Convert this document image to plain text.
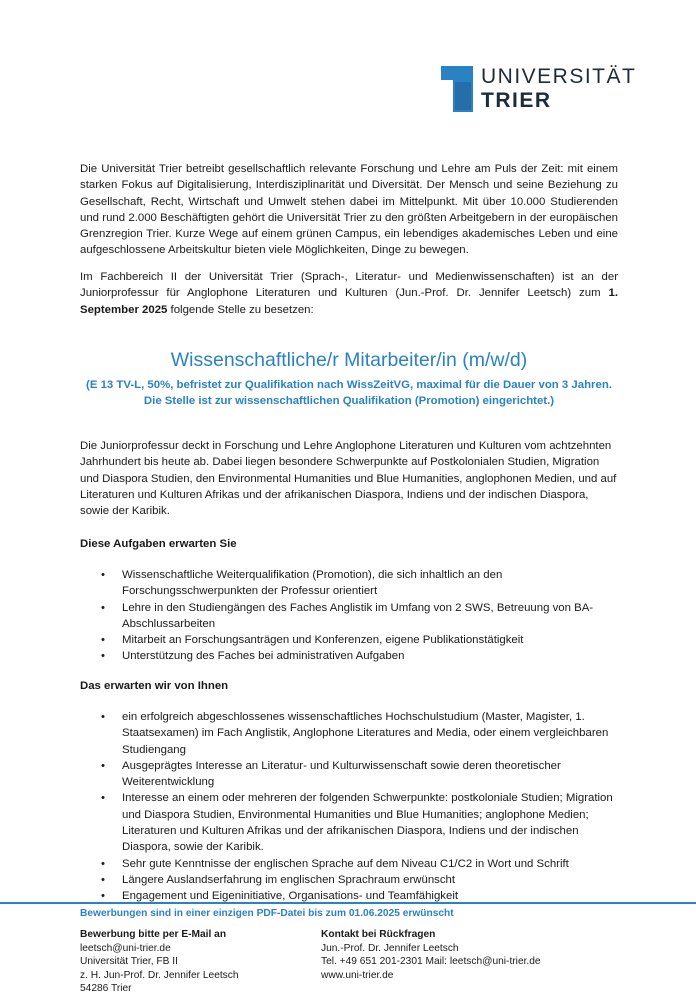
UNIVERSITÄT
TRIER

Die Universität Trier betreibt gesellschaftlich relevante Forschung und Lehre am Puls der Zeit: mit einem starken Fokus auf Digitalisierung, Interdisziplinarität und Diversität. Der Mensch und seine Beziehung zu Gesellschaft, Recht, Wirtschaft und Umwelt stehen dabei im Mittelpunkt. Mit über 10.000 Studierenden und rund 2.000 Beschäftigten gehört die Universität Trier zu den größten Arbeitgebern in der europäischen Grenzregion Trier. Kurze Wege auf einem grünen Campus, ein lebendiges akademisches Leben und eine aufgeschlossene Arbeitskultur bieten viele Möglichkeiten, Dinge zu bewegen.

Im Fachbereich II der Universität Trier (Sprach-, Literatur- und Medienwissenschaften) ist an der Juniorprofessur für Anglophone Literaturen und Kulturen (Jun.-Prof. Dr. Jennifer Leetsch) zum 1. September 2025 folgende Stelle zu besetzen:

Wissenschaftliche/r Mitarbeiter/in (m/w/d)

(E 13 TV-L, 50%, befristet zur Qualifikation nach WissZeitVG, maximal für die Dauer von 3 Jahren. Die Stelle ist zur wissenschaftlichen Qualifikation (Promotion) eingerichtet.)

Die Juniorprofessur deckt in Forschung und Lehre Anglophone Literaturen und Kulturen vom achtzehnten Jahrhundert bis heute ab. Dabei liegen besondere Schwerpunkte auf Postkolonialen Studien, Migration und Diaspora Studien, den Environmental Humanities und Blue Humanities, anglophonen Medien, und auf Literaturen und Kulturen Afrikas und der afrikanischen Diaspora, Indiens und der indischen Diaspora, sowie der Karibik.

Diese Aufgaben erwarten Sie
• Wissenschaftliche Weiterqualifikation (Promotion), die sich inhaltlich an den Forschungsschwerpunkten der Professur orientiert
• Lehre in den Studiengängen des Faches Anglistik im Umfang von 2 SWS, Betreuung von BA-Abschlussarbeiten
• Mitarbeit an Forschungsanträgen und Konferenzen, eigene Publikationstätigkeit
• Unterstützung des Faches bei administrativen Aufgaben
Das erwarten wir von Ihnen
• ein erfolgreich abgeschlossenes wissenschaftliches Hochschulstudium (Master, Magister, 1. Staatsexamen) im Fach Anglistik, Anglophone Literatures and Media, oder einem vergleichbaren Studiengang
• Ausgeprägtes Interesse an Literatur- und Kulturwissenschaft sowie deren theoretischer Weiterentwicklung
• Interesse an einem oder mehreren der folgenden Schwerpunkte: postkoloniale Studien; Migration und Diaspora Studien, Environmental Humanities und Blue Humanities; anglophone Medien; Literaturen und Kulturen Afrikas und der afrikanischen Diaspora, Indiens und der indischen Diaspora, sowie der Karibik.
• Sehr gute Kenntnisse der englischen Sprache auf dem Niveau C1/C2 in Wort und Schrift
• Längere Auslandserfahrung im englischen Sprachraum erwünscht
• Engagement und Eigeninitiative, Organisations- und Teamfähigkeit

Bewerbungen sind in einer einzigen PDF-Datei bis zum 01.06.2025 erwünscht

Bewerbung bitte per E-Mail an
leetsch@uni-trier.de
Universität Trier, FB II
z. H. Jun-Prof. Dr. Jennifer Leetsch
54286 Trier
Kontakt bei Rückfragen
Jun.-Prof. Dr. Jennifer Leetsch
Tel. +49 651 201-2301 Mail: leetsch@uni-trier.de
www.uni-trier.de
